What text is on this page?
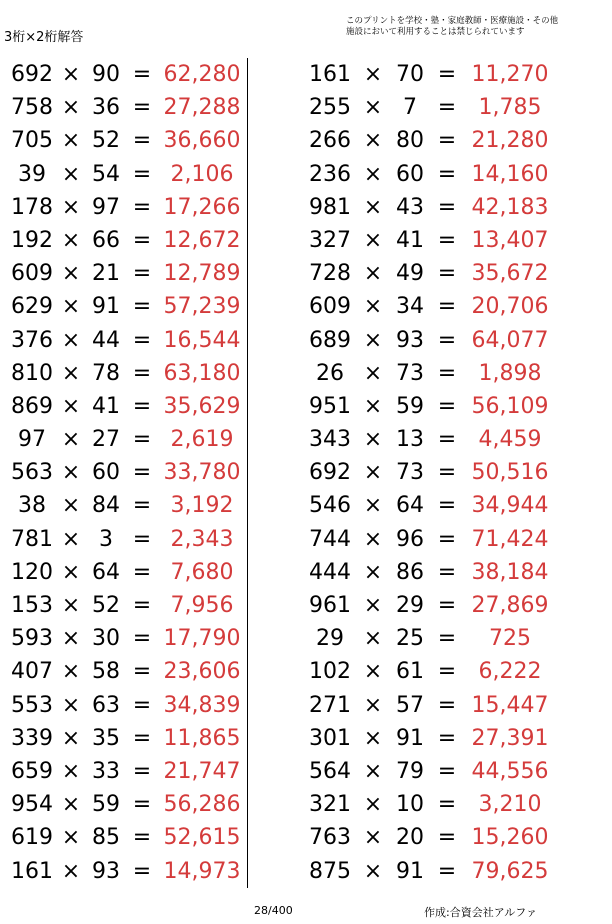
3桁×2桁解答
このプリントを学校・塾・家庭教師・医療施設・その他
施設において利用することは禁じられています
692 × 90 = 62,280
758 × 36 = 27,288
705 × 52 = 36,660
39 × 54 = 2,106
178 × 97 = 17,266
192 × 66 = 12,672
609 × 21 = 12,789
629 × 91 = 57,239
376 × 44 = 16,544
810 × 78 = 63,180
869 × 41 = 35,629
97 × 27 = 2,619
563 × 60 = 33,780
38 × 84 = 3,192
781 × 3 = 2,343
120 × 64 = 7,680
153 × 52 = 7,956
593 × 30 = 17,790
407 × 58 = 23,606
553 × 63 = 34,839
339 × 35 = 11,865
659 × 33 = 21,747
954 × 59 = 56,286
619 × 85 = 52,615
161 × 93 = 14,973
161 × 70 = 11,270
255 × 7 =	1,785
266 × 80 = 21,280
236 × 60 = 14,160
981 × 43 = 42,183
327 × 41 = 13,407
728 × 49 = 35,672
609 × 34 = 20,706
689 × 93 = 64,077
26 × 73 =	1,898
951 × 59 = 56,109
343 × 13 =	4,459
692 × 73 = 50,516
546 × 64 = 34,944
744 × 96 = 71,424
444 × 86 = 38,184
961 × 29 = 27,869
29 × 25 =	725
102 × 61 =	6,222
271 × 57 = 15,447
301 × 91 = 27,391
564 × 79 = 44,556
321 × 10 =	3,210
763 × 20 = 15,260
875 × 91 = 79,625
28/400	作成:合資会社アルファ
